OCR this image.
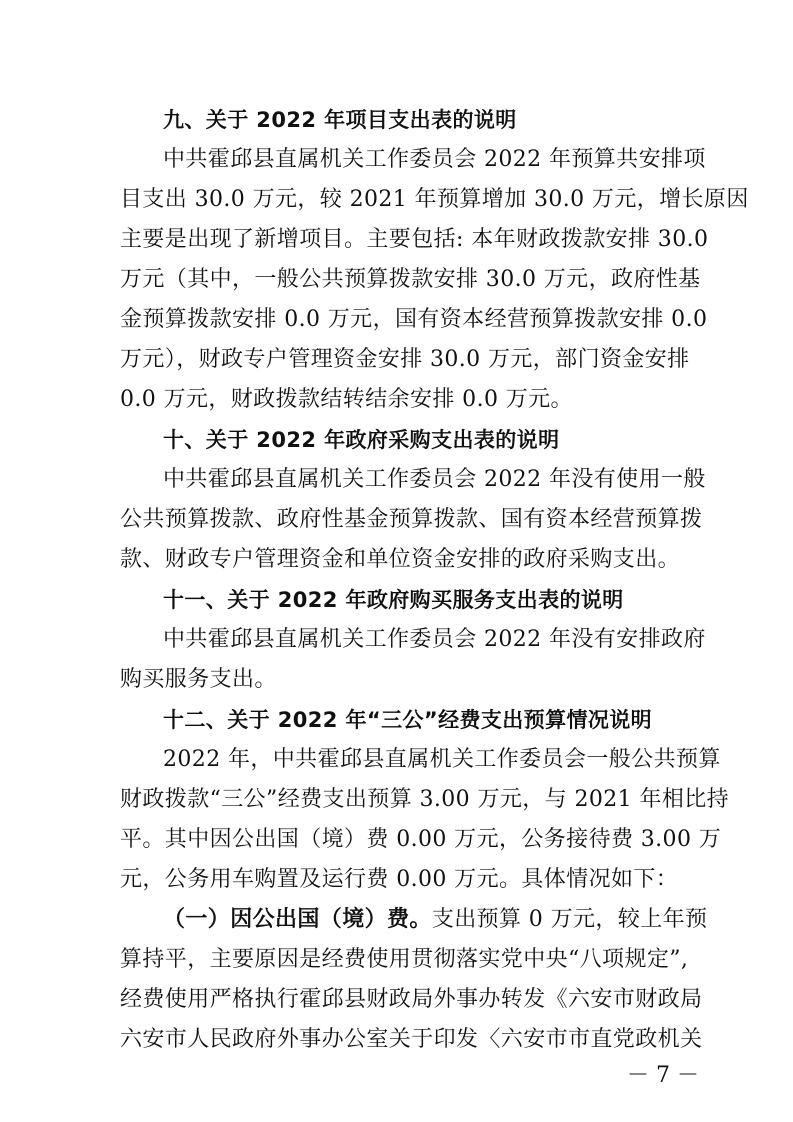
九、关于 2022 年项目支出表的说明
中共霍邱县直属机关工作委员会 2022 年预算共安排项
目支出 30.0 万元，较 2021 年预算增加 30.0 万元，增长原因
主要是出现了新增项目。主要包括: 本年财政拨款安排 30.0
万元（其中，一般公共预算拨款安排 30.0 万元，政府性基
金预算拨款安排 0.0 万元，国有资本经营预算拨款安排 0.0
万元），财政专户管理资金安排 30.0 万元，部门资金安排
0.0 万元，财政拨款结转结余安排 0.0 万元。
十、关于 2022 年政府采购支出表的说明
中共霍邱县直属机关工作委员会 2022 年没有使用一般
公共预算拨款、政府性基金预算拨款、国有资本经营预算拨
款、财政专户管理资金和单位资金安排的政府采购支出。
十一、关于 2022 年政府购买服务支出表的说明
中共霍邱县直属机关工作委员会 2022 年没有安排政府
购买服务支出。
十二、关于 2022 年“三公”经费支出预算情况说明
2022 年，中共霍邱县直属机关工作委员会一般公共预算
财政拨款“三公”经费支出预算 3.00 万元，与 2021 年相比持
平。其中因公出国（境）费 0.00 万元，公务接待费 3.00 万
元，公务用车购置及运行费 0.00 万元。具体情况如下：
（一）因公出国（境）费。支出预算 0 万元，较上年预
算持平，主要原因是经费使用贯彻落实党中央“八项规定”,
经费使用严格执行霍邱县财政局外事办转发《六安市财政局
六安市人民政府外事办公室关于印发〈六安市市直党政机关
－ 7 －
